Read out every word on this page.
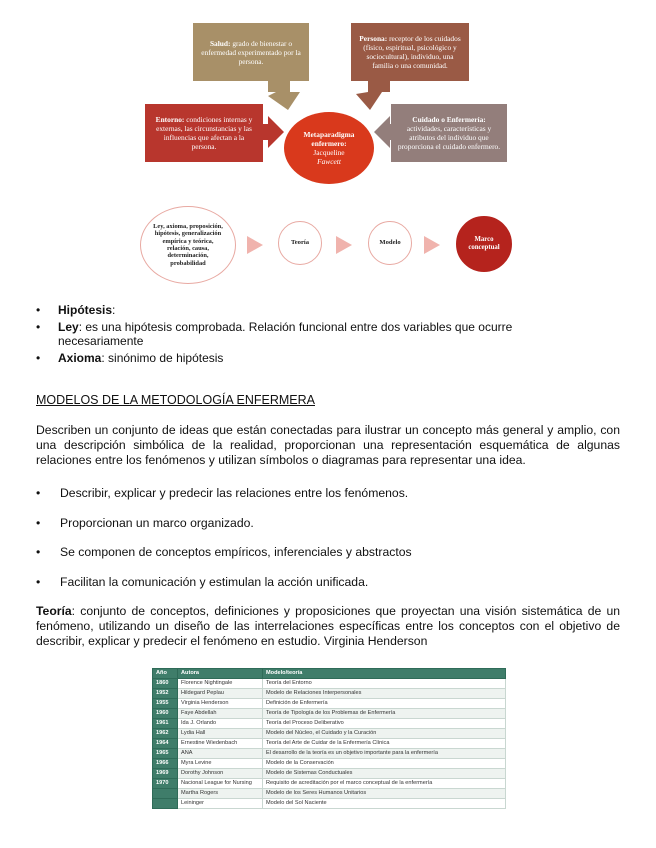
Salud: grado de bienestar o enfermedad experimentado por la persona.
Persona: receptor de los cuidados (físico, espiritual, psicológico y sociocultural), individuo, una familia o una comunidad.
Entorno: condiciones internas y externas, las circunstancias y las influencias que afectan a la persona.
Cuidado o Enfermería: actividades, características y atributos del individuo que proporciona el cuidado enfermero.
Metaparadigma
enfermero:
Jacqueline
Fawcett
Ley, axioma, proposición, hipótesis, generalización empírica y teórica, relación, causa, determinación, probabilidad
Teoría	Modelo	Marco conceptual
• Hipótesis:
• Ley: es una hipótesis comprobada. Relación funcional entre dos variables que ocurre necesariamente
• Axioma: sinónimo de hipótesis
MODELOS DE LA METODOLOGÍA ENFERMERA
Describen un conjunto de ideas que están conectadas para ilustrar un concepto más general y amplio, con una descripción simbólica de la realidad, proporcionan una representación esquemática de algunas relaciones entre los fenómenos y utilizan símbolos o diagramas para representar una idea.
• Describir, explicar y predecir las relaciones entre los fenómenos.
• Proporcionan un marco organizado.
• Se componen de conceptos empíricos, inferenciales y abstractos
• Facilitan la comunicación y estimulan la acción unificada.
Teoría: conjunto de conceptos, definiciones y proposiciones que proyectan una visión sistemática de un fenómeno, utilizando un diseño de las interrelaciones específicas entre los conceptos con el objetivo de describir, explicar y predecir el fenómeno en estudio. Virginia Henderson
Año	Autora	Modelo/teoría
1860	Florence Nightingale	Teoría del Entorno
1952	Hildegard Peplau	Modelo de Relaciones Interpersonales
1955	Virginia Henderson	Definición de Enfermería
1960	Faye Abdellah	Teoría de Tipología de los Problemas de Enfermería
1961	Ida J. Orlando	Teoría del Proceso Deliberativo
1962	Lydia Hall	Modelo del Núcleo, el Cuidado y la Curación
1964	Ernestine Wiedenbach	Teoría del Arte de Cuidar de la Enfermería Clínica
1965	ANA	El desarrollo de la teoría es un objetivo importante para la enfermería
1966	Myra Levine	Modelo de la Conservación
1969	Dorothy Johnson	Modelo de Sistemas Conductuales
1970	Nacional League for Nursing	Requisito de acreditación por el marco conceptual de la enfermería
	Martha Rogers	Modelo de los Seres Humanos Unitarios
	Leininger	Modelo del Sol Naciente
